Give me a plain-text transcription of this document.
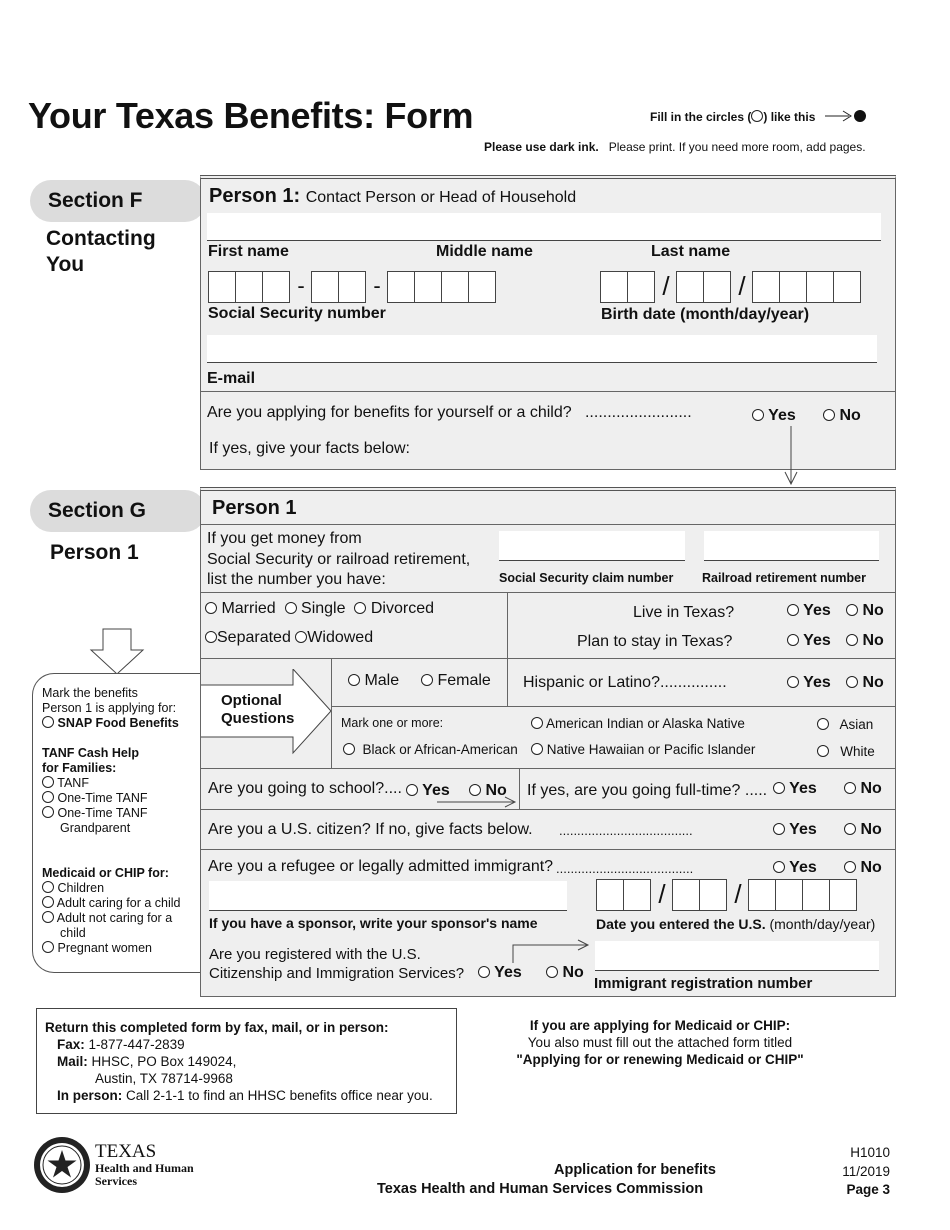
Your Texas Benefits: Form	Fill in the circles ( ) like this
Please use dark ink. Please print. If you need more room, add pages.
Section F
Contacting
You
Person 1: Contact Person or Head of Household
First name	Middle name	Last name
-	-	/	/
Social Security number	Birth date (month/day/year)
E-mail
Are you applying for benefits for yourself or a child? ........................	Yes	No
If yes, give your facts below:
Section G
Person 1
Mark the benefits
Person 1 is applying for:
SNAP Food Benefits
TANF Cash Help
for Families:
TANF
One-Time TANF
One-Time TANF
Grandparent
Medicaid or CHIP for:
Children
Adult caring for a child
Adult not caring for a
child
Pregnant women
Person 1
If you get money from
Social Security or railroad retirement,
list the number you have:	Social Security claim number Railroad retirement number
Married Single Divorced
Separated Widowed
Live in Texas?	Yes	No
Plan to stay in Texas?	Yes	No
Optional
Questions
Male	Female Hispanic or Latino?...............	Yes	No
Mark one or more:	American Indian or Alaska Native	Asian
Black or African-American	Native Hawaiian or Pacific Islander	White
Are you going to school?....	Yes	No If yes, are you going full-time? .....	Yes	No
Are you a U.S. citizen? If no, give facts below. .....................................	Yes	No
Are you a refugee or legally admitted immigrant? ......................................	Yes	No
/	/
If you have a sponsor, write your sponsor's name	Date you entered the U.S. (month/day/year)
Are you registered with the U.S.
Citizenship and Immigration Services?	Yes	No
Immigrant registration number
Return this completed form by fax, mail, or in person:
Fax: 1-877-447-2839
Mail: HHSC, PO Box 149024,
Austin, TX 78714-9968
In person: Call 2-1-1 to find an HHSC benefits office near you.
If you are applying for Medicaid or CHIP:
You also must fill out the attached form titled
"Applying for or renewing Medicaid or CHIP"
TEXAS
Health and Human
Services
Application for benefits
Texas Health and Human Services Commission
H1010
11/2019
Page 3
